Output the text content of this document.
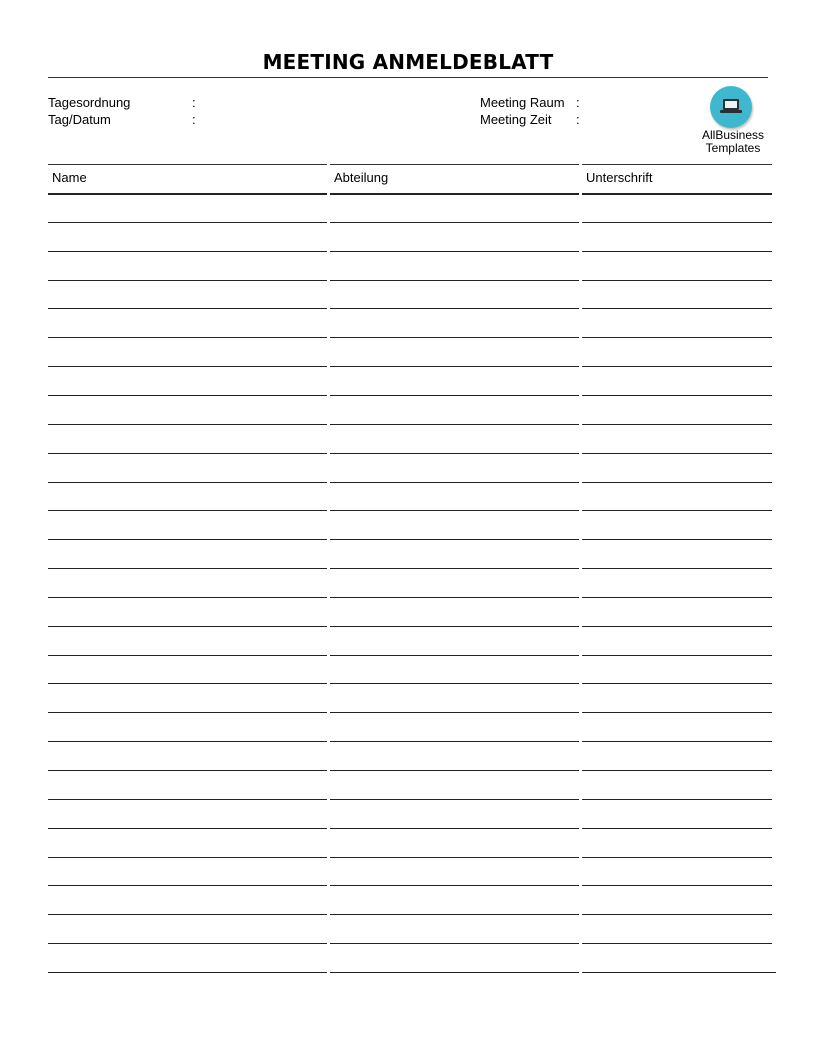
MEETING ANMELDEBLATT
Tagesordnung	:
Tag/Datum	:
Meeting Raum :
Meeting Zeit :
AllBusiness
Templates
Name	Abteilung	Unterschrift
